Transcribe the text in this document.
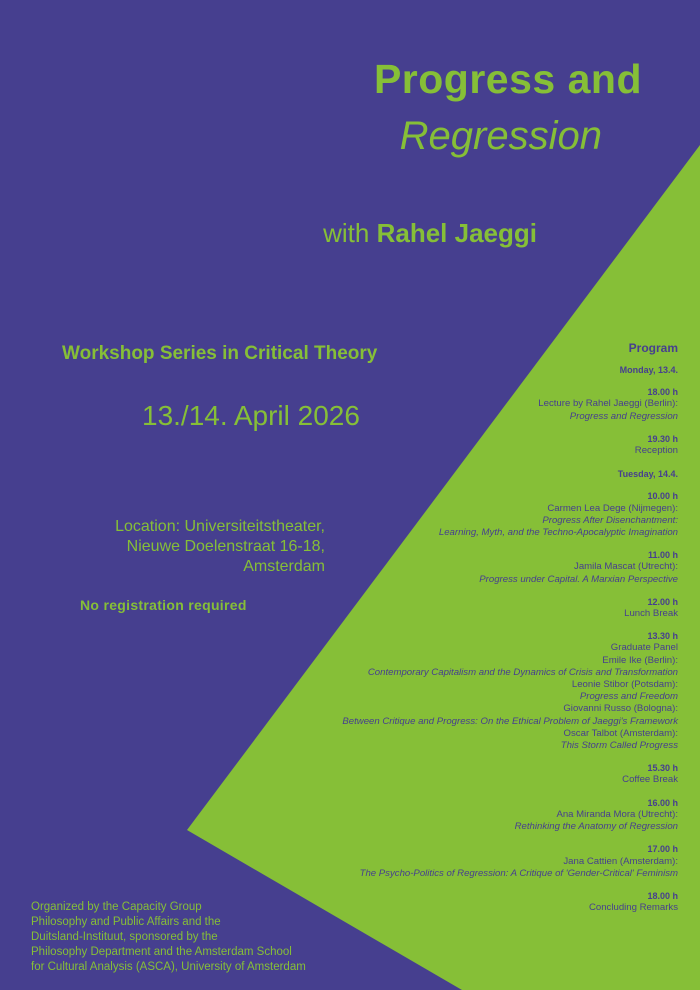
Progress and
Regression
with Rahel Jaeggi
Workshop Series in Critical Theory
13./14. April 2026
Location: Universiteitstheater,
Nieuwe Doelenstraat 16-18,
Amsterdam
No registration required
Organized by the Capacity Group
Philosophy and Public Affairs and the
Duitsland-Instituut, sponsored by the
Philosophy Department and the Amsterdam School
for Cultural Analysis (ASCA), University of Amsterdam
Program
Monday, 13.4.
18.00 h
Lecture by Rahel Jaeggi (Berlin):
Progress and Regression
19.30 h
Reception
Tuesday, 14.4.
10.00 h
Carmen Lea Dege (Nijmegen):
Progress After Disenchantment:
Learning, Myth, and the Techno-Apocalyptic Imagination
11.00 h
Jamila Mascat (Utrecht):
Progress under Capital. A Marxian Perspective
12.00 h
Lunch Break
13.30 h
Graduate Panel
Emile Ike (Berlin):
Contemporary Capitalism and the Dynamics of Crisis and Transformation
Leonie Stibor (Potsdam):
Progress and Freedom
Giovanni Russo (Bologna):
Between Critique and Progress: On the Ethical Problem of Jaeggi's Framework
Oscar Talbot (Amsterdam):
This Storm Called Progress
15.30 h
Coffee Break
16.00 h
Ana Miranda Mora (Utrecht):
Rethinking the Anatomy of Regression
17.00 h
Jana Cattien (Amsterdam):
The Psycho-Politics of Regression: A Critique of 'Gender-Critical' Feminism
18.00 h
Concluding Remarks
